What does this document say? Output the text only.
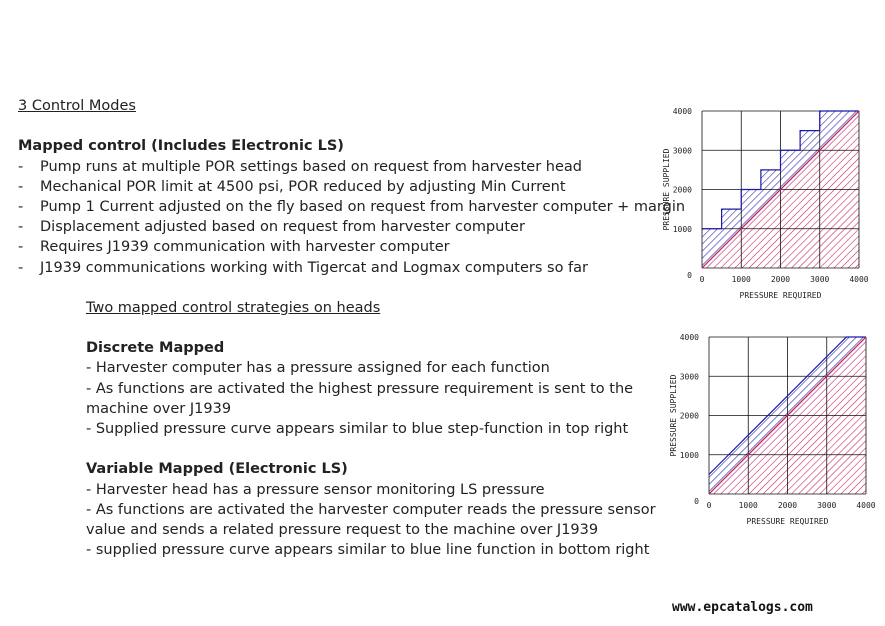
3 Control Modes
Mapped control (Includes Electronic LS)
- Pump runs at multiple POR settings based on request from harvester head
- Mechanical POR limit at 4500 psi, POR reduced by adjusting Min Current
- Pump 1 Current adjusted on the fly based on request from harvester computer + margin
- Displacement adjusted based on request from harvester computer
- Requires J1939 communication with harvester computer
- J1939 communications working with Tigercat and Logmax computers so far
Two mapped control strategies on heads
Discrete Mapped
- Harvester computer has a pressure assigned for each function
- As functions are activated the highest pressure requirement is sent to the
machine over J1939
- Supplied pressure curve appears similar to blue step-function in top right
Variable Mapped (Electronic LS)
- Harvester head has a pressure sensor monitoring LS pressure
- As functions are activated the harvester computer reads the pressure sensor
value and sends a related pressure request to the machine over J1939
- supplied pressure curve appears similar to blue line function in bottom right
0	1000 2000 3000 4000
0
1000
2000
3000
4000
PRESSURE REQUIRED
PRESSURE SUPPLIED
0	1000 2000 3000 4000
0
1000
2000
3000
4000
PRESSURE REQUIRED
PRESSURE SUPPLIED
www.epcatalogs.com
